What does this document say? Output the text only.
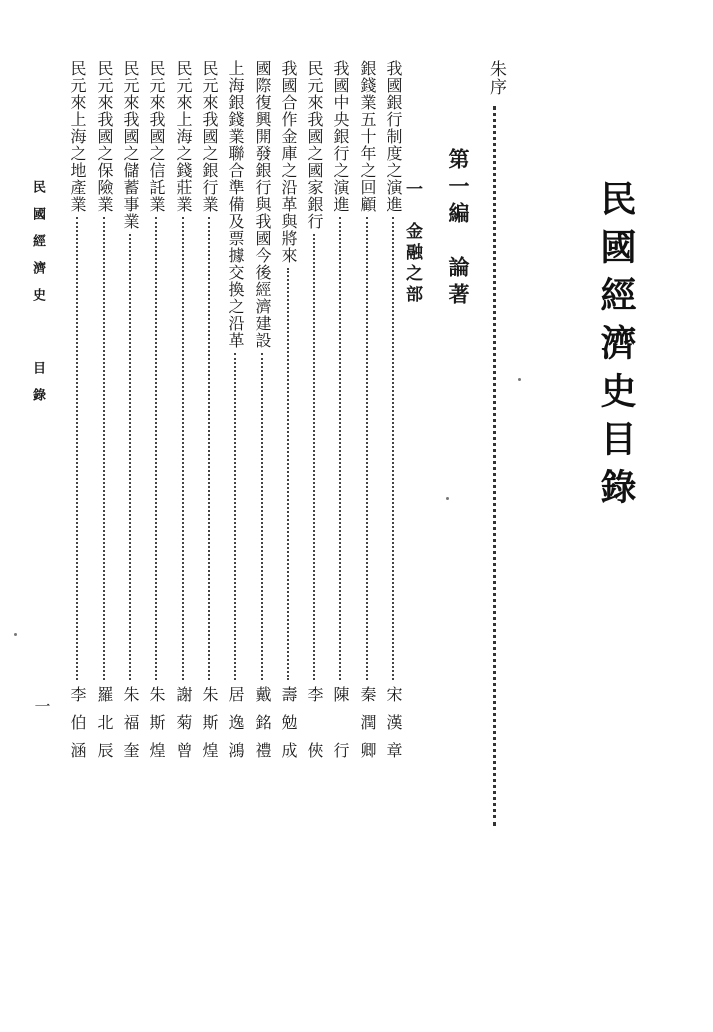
民國經濟史目錄
朱序
第一編　論著
一　金融之部
我國銀行制度之演進
宋漢章
銀錢業五十年之回顧
秦潤卿
我國中央銀行之演進
陳　行
民元來我國之國家銀行
李　俠
我國合作金庫之沿革與將來
壽勉成
國際復興開發銀行與我國今後經濟建設
戴銘禮
上海銀錢業聯合準備及票據交換之沿革
居逸鴻
民元來我國之銀行業
朱斯煌
民元來上海之錢莊業
謝菊曾
民元來我國之信託業
朱斯煌
民元來我國之儲蓄事業
朱福奎
民元來我國之保險業
羅北辰
民元來上海之地產業
李伯涵
民國經濟史目錄
一
